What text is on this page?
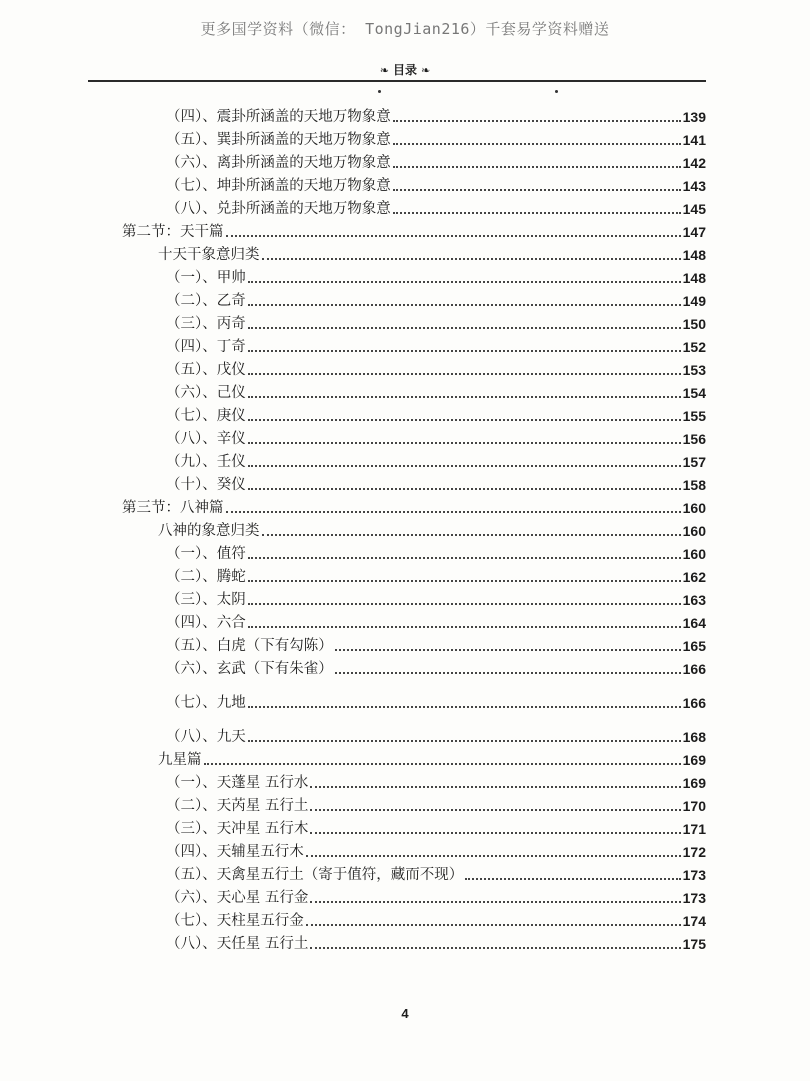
更多国学资料（微信： TongJian216）千套易学资料赠送
❧ 目录 ❧
（四）、震卦所涵盖的天地万物象意	139
（五）、巽卦所涵盖的天地万物象意	141
（六）、离卦所涵盖的天地万物象意	142
（七）、坤卦所涵盖的天地万物象意	143
（八）、兑卦所涵盖的天地万物象意	145
第二节：天干篇	147
十天干象意归类	148
（一）、甲帅	148
（二）、乙奇	149
（三）、丙奇	150
（四）、丁奇	152
（五）、戊仪	153
（六）、己仪	154
（七）、庚仪	155
（八）、辛仪	156
（九）、壬仪	157
（十）、癸仪	158
第三节：八神篇	160
八神的象意归类	160
（一）、值符	160
（二）、腾蛇	162
（三）、太阴	163
（四）、六合	164
（五）、白虎（下有勾陈）	165
（六）、玄武（下有朱雀）	166
（七）、九地	166
（八）、九天	168
九星篇	169
（一）、天蓬星 五行水	169
（二）、天芮星 五行土	170
（三）、天冲星 五行木	171
（四）、天辅星五行木	172
（五）、天禽星五行土（寄于值符，藏而不现）	173
（六）、天心星 五行金	173
（七）、天柱星五行金	174
（八）、天任星 五行土	175
4
